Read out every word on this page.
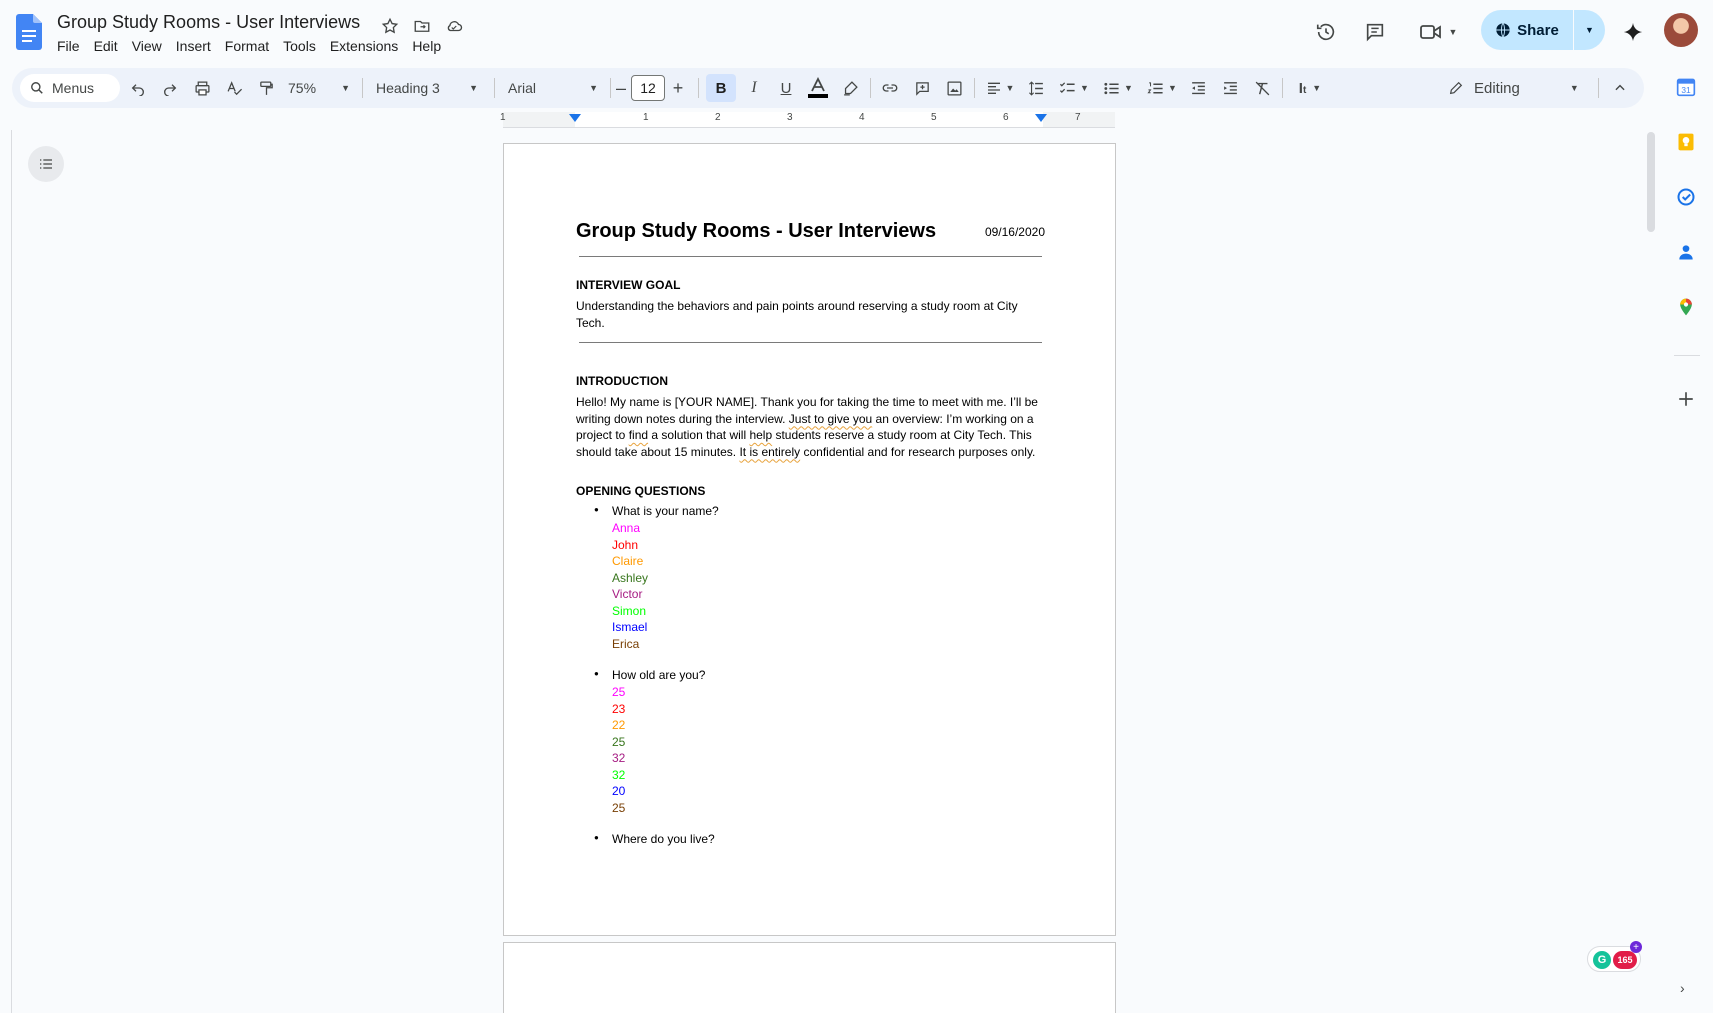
Group Study Rooms - User Interviews
File	Edit	View	Insert	Format	Tools	Extensions	Help
▼	Share	▼
Menus	75%	▼ Heading 3	▼ Arial	▼ –	12 +	B	I	U	▼	▼	▼	▼	It ▼	Editing	▼	31
1	1	2	3	4	5	6	7
Group Study Rooms - User Interviews	09/16/2020
INTERVIEW GOAL
Understanding the behaviors and pain points around reserving a study room at City Tech.
INTRODUCTION
Hello! My name is [YOUR NAME]. Thank you for taking the time to meet with me. I’ll be writing down notes during the interview. Just to give you an overview: I’m working on a project to find a solution that will help students reserve a study room at City Tech. This should take about 15 minutes. It is entirely confidential and for research purposes only.
OPENING QUESTIONS
● What is your name?
Anna
John
Claire
Ashley
Victor
Simon
Ismael
Erica
● How old are you?
25
23
22
25
32
32
20
25
● Where do you live?
G	165
+
›
